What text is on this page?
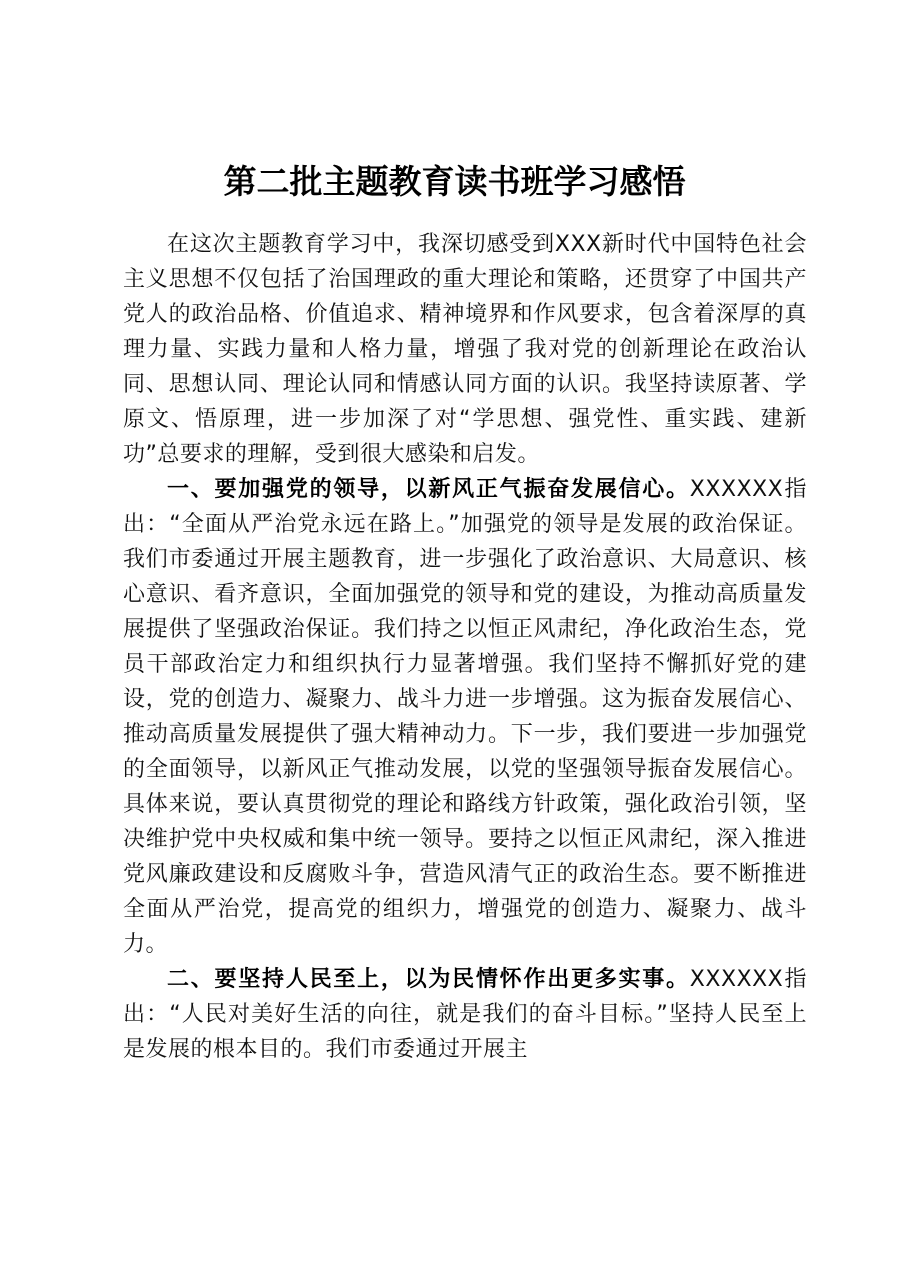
第二批主题教育读书班学习感悟

在这次主题教育学习中，我深切感受到XXX新时代中国特色社会主义思想不仅包括了治国理政的重大理论和策略，还贯穿了中国共产党人的政治品格、价值追求、精神境界和作风要求，包含着深厚的真理力量、实践力量和人格力量，增强了我对党的创新理论在政治认同、思想认同、理论认同和情感认同方面的认识。我坚持读原著、学原文、悟原理，进一步加深了对“学思想、强党性、重实践、建新功”总要求的理解，受到很大感染和启发。

一、要加强党的领导，以新风正气振奋发展信心。XXXXXX指出：“全面从严治党永远在路上。”加强党的领导是发展的政治保证。我们市委通过开展主题教育，进一步强化了政治意识、大局意识、核心意识、看齐意识，全面加强党的领导和党的建设，为推动高质量发展提供了坚强政治保证。我们持之以恒正风肃纪，净化政治生态，党员干部政治定力和组织执行力显著增强。我们坚持不懈抓好党的建设，党的创造力、凝聚力、战斗力进一步增强。这为振奋发展信心、推动高质量发展提供了强大精神动力。下一步，我们要进一步加强党的全面领导，以新风正气推动发展，以党的坚强领导振奋发展信心。具体来说，要认真贯彻党的理论和路线方针政策，强化政治引领，坚决维护党中央权威和集中统一领导。要持之以恒正风肃纪，深入推进党风廉政建设和反腐败斗争，营造风清气正的政治生态。要不断推进全面从严治党，提高党的组织力，增强党的创造力、凝聚力、战斗力。

二、要坚持人民至上，以为民情怀作出更多实事。XXXXXX指出：“人民对美好生活的向往，就是我们的奋斗目标。”坚持人民至上是发展的根本目的。我们市委通过开展主
